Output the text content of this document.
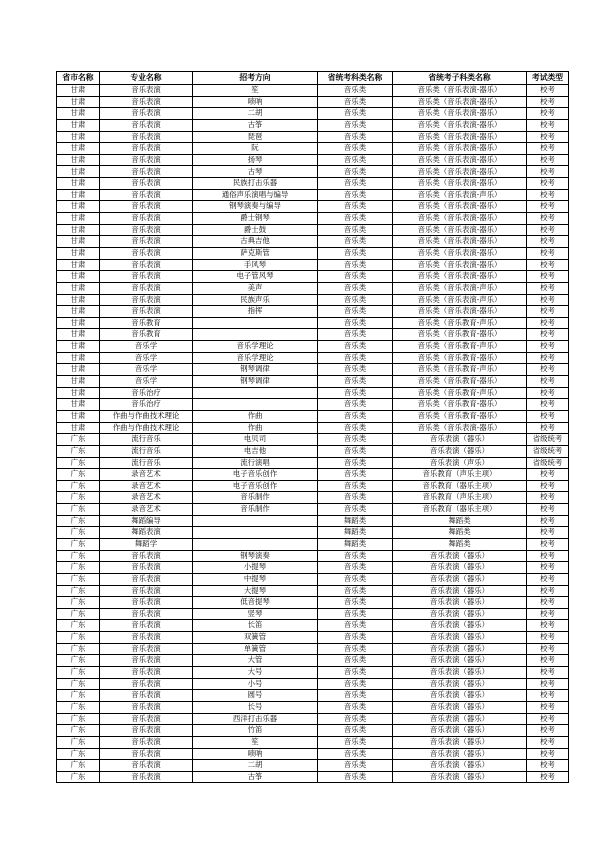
省市名称	专业名称	招考方向	省统考科类名称	省统考子科类名称	考试类型
甘肃	音乐表演	笙	音乐类	音乐类（音乐表演-器乐）	校考
甘肃	音乐表演	唢呐	音乐类	音乐类（音乐表演-器乐）	校考
甘肃	音乐表演	二胡	音乐类	音乐类（音乐表演-器乐）	校考
甘肃	音乐表演	古筝	音乐类	音乐类（音乐表演-器乐）	校考
甘肃	音乐表演	琵琶	音乐类	音乐类（音乐表演-器乐）	校考
甘肃	音乐表演	阮	音乐类	音乐类（音乐表演-器乐）	校考
甘肃	音乐表演	扬琴	音乐类	音乐类（音乐表演-器乐）	校考
甘肃	音乐表演	古琴	音乐类	音乐类（音乐表演-器乐）	校考
甘肃	音乐表演	民族打击乐器	音乐类	音乐类（音乐表演-器乐）	校考
甘肃	音乐表演	通俗声乐演唱与编导	音乐类	音乐类（音乐表演-声乐）	校考
甘肃	音乐表演	钢琴演奏与编导	音乐类	音乐类（音乐表演-器乐）	校考
甘肃	音乐表演	爵士钢琴	音乐类	音乐类（音乐表演-器乐）	校考
甘肃	音乐表演	爵士鼓	音乐类	音乐类（音乐表演-器乐）	校考
甘肃	音乐表演	古典吉他	音乐类	音乐类（音乐表演-器乐）	校考
甘肃	音乐表演	萨克斯管	音乐类	音乐类（音乐表演-器乐）	校考
甘肃	音乐表演	手风琴	音乐类	音乐类（音乐表演-器乐）	校考
甘肃	音乐表演	电子管风琴	音乐类	音乐类（音乐表演-器乐）	校考
甘肃	音乐表演	美声	音乐类	音乐类（音乐表演-声乐）	校考
甘肃	音乐表演	民族声乐	音乐类	音乐类（音乐表演-声乐）	校考
甘肃	音乐表演	指挥	音乐类	音乐类（音乐表演-器乐）	校考
甘肃	音乐教育		音乐类	音乐类（音乐教育-声乐）	校考
甘肃	音乐教育		音乐类	音乐类（音乐教育-器乐）	校考
甘肃	音乐学	音乐学理论	音乐类	音乐类（音乐教育-声乐）	校考
甘肃	音乐学	音乐学理论	音乐类	音乐类（音乐教育-器乐）	校考
甘肃	音乐学	钢琴调律	音乐类	音乐类（音乐教育-声乐）	校考
甘肃	音乐学	钢琴调律	音乐类	音乐类（音乐教育-器乐）	校考
甘肃	音乐治疗		音乐类	音乐类（音乐教育-声乐）	校考
甘肃	音乐治疗		音乐类	音乐类（音乐教育-器乐）	校考
甘肃	作曲与作曲技术理论	作曲	音乐类	音乐类（音乐教育-器乐）	校考
甘肃	作曲与作曲技术理论	作曲	音乐类	音乐类（音乐表演-器乐）	校考
广东	流行音乐	电贝司	音乐类	音乐表演（器乐）	省级统考
广东	流行音乐	电吉他	音乐类	音乐表演（器乐）	省级统考
广东	流行音乐	流行演唱	音乐类	音乐表演（声乐）	省级统考
广东	录音艺术	电子音乐创作	音乐类	音乐教育（声乐主项）	校考
广东	录音艺术	电子音乐创作	音乐类	音乐教育（器乐主项）	校考
广东	录音艺术	音乐制作	音乐类	音乐教育（声乐主项）	校考
广东	录音艺术	音乐制作	音乐类	音乐教育（器乐主项）	校考
广东	舞蹈编导		舞蹈类	舞蹈类	校考
广东	舞蹈表演		舞蹈类	舞蹈类	校考
广东	舞蹈学		舞蹈类	舞蹈类	校考
广东	音乐表演	钢琴演奏	音乐类	音乐表演（器乐）	校考
广东	音乐表演	小提琴	音乐类	音乐表演（器乐）	校考
广东	音乐表演	中提琴	音乐类	音乐表演（器乐）	校考
广东	音乐表演	大提琴	音乐类	音乐表演（器乐）	校考
广东	音乐表演	低音提琴	音乐类	音乐表演（器乐）	校考
广东	音乐表演	竖琴	音乐类	音乐表演（器乐）	校考
广东	音乐表演	长笛	音乐类	音乐表演（器乐）	校考
广东	音乐表演	双簧管	音乐类	音乐表演（器乐）	校考
广东	音乐表演	单簧管	音乐类	音乐表演（器乐）	校考
广东	音乐表演	大管	音乐类	音乐表演（器乐）	校考
广东	音乐表演	大号	音乐类	音乐表演（器乐）	校考
广东	音乐表演	小号	音乐类	音乐表演（器乐）	校考
广东	音乐表演	圆号	音乐类	音乐表演（器乐）	校考
广东	音乐表演	长号	音乐类	音乐表演（器乐）	校考
广东	音乐表演	西洋打击乐器	音乐类	音乐表演（器乐）	校考
广东	音乐表演	竹笛	音乐类	音乐表演（器乐）	校考
广东	音乐表演	笙	音乐类	音乐表演（器乐）	校考
广东	音乐表演	唢呐	音乐类	音乐表演（器乐）	校考
广东	音乐表演	二胡	音乐类	音乐表演（器乐）	校考
广东	音乐表演	古筝	音乐类	音乐表演（器乐）	校考
